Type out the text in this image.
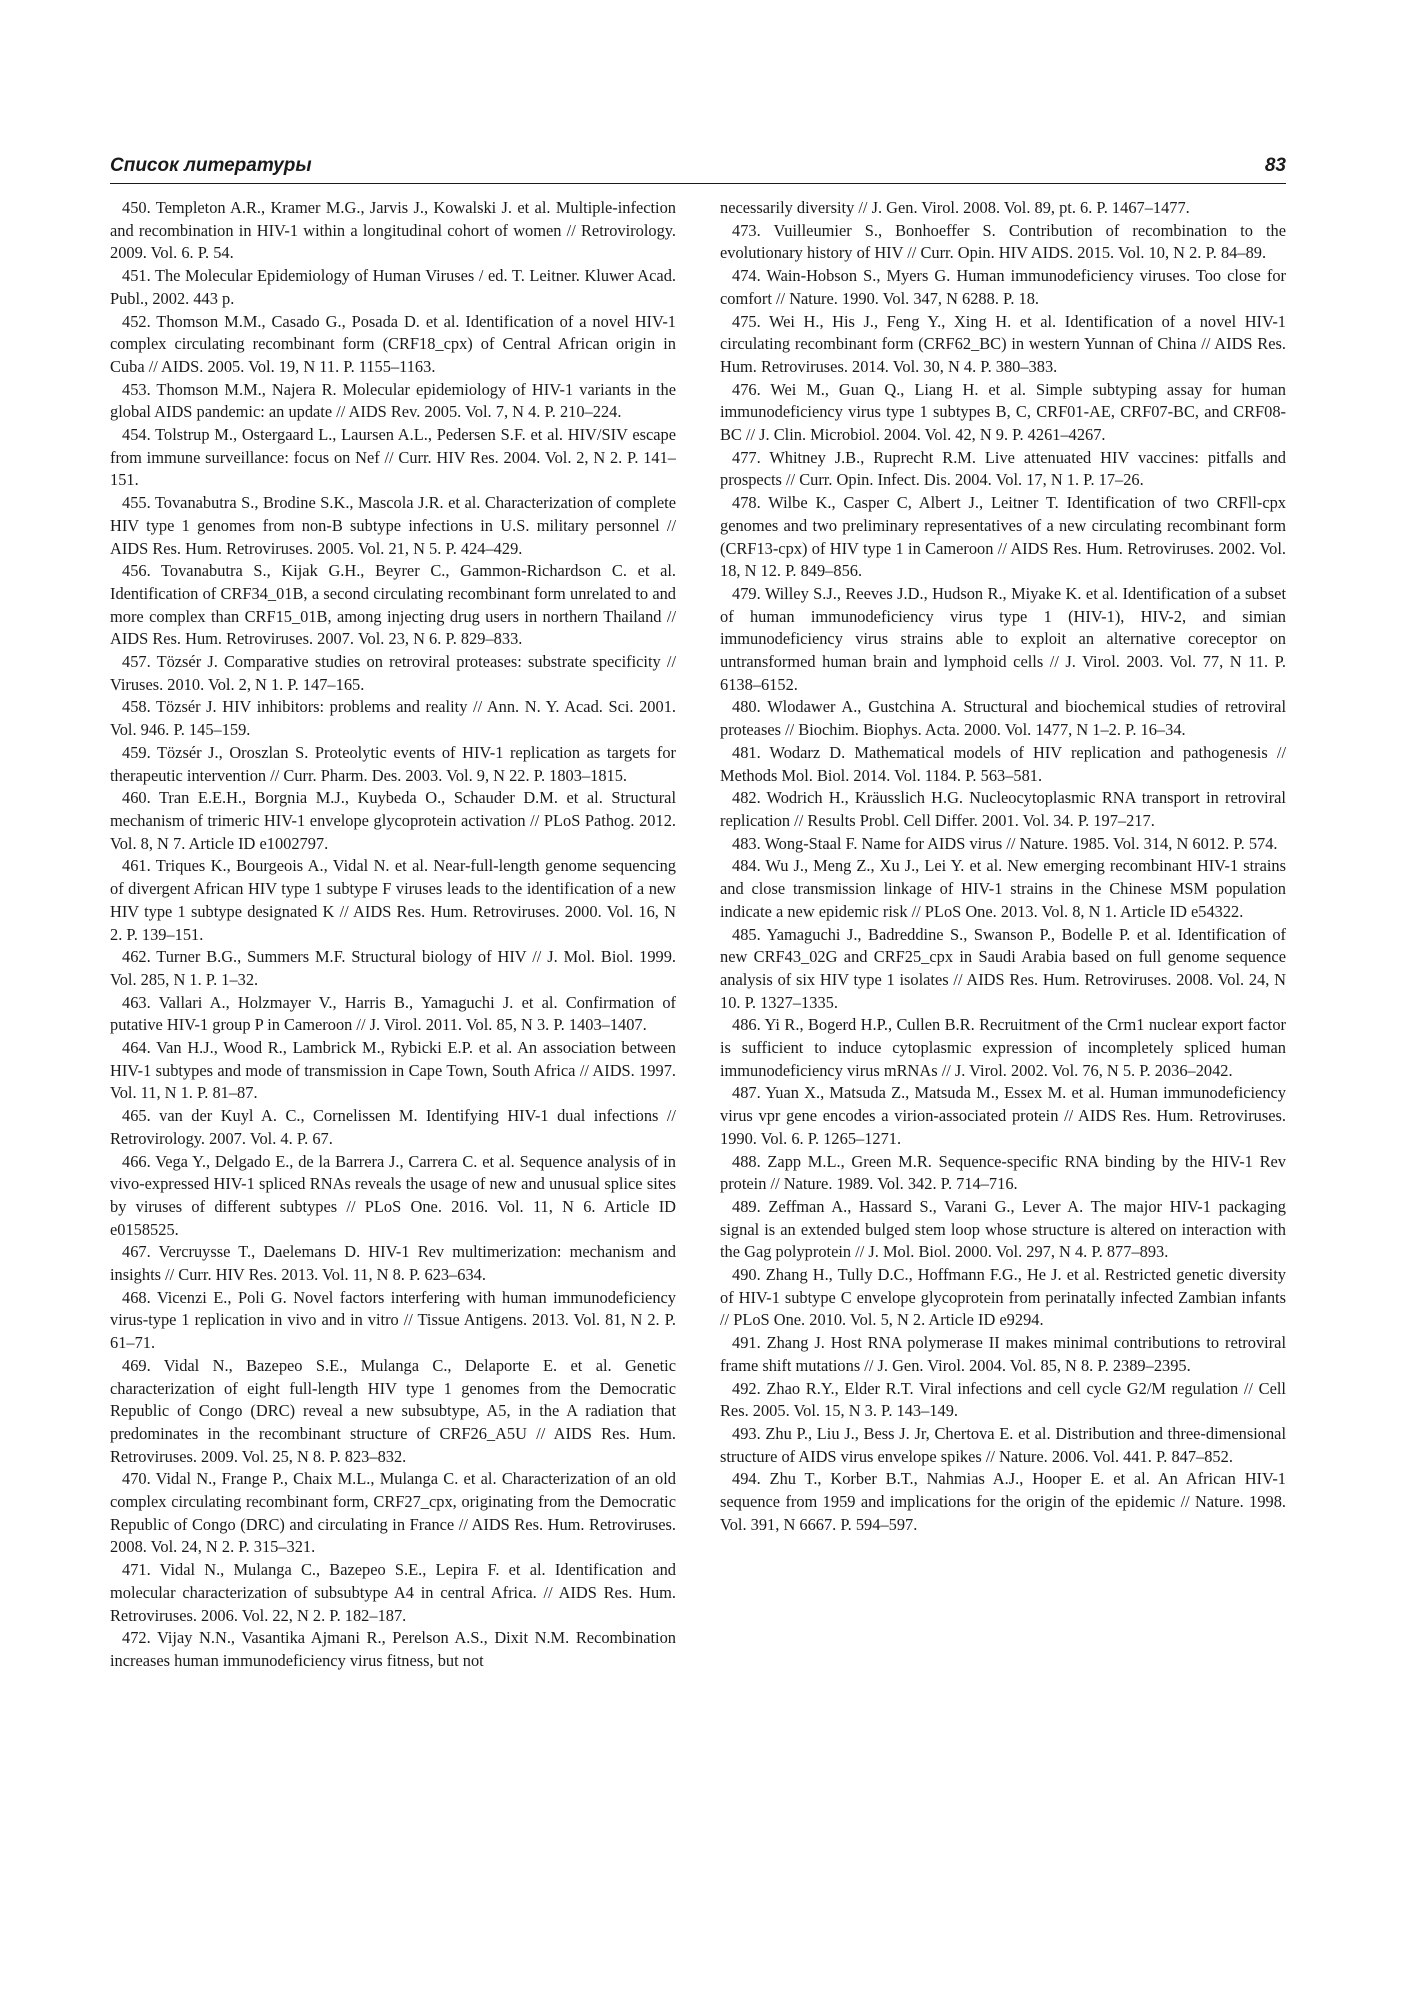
Список литературы	83

450. Templeton A.R., Kramer M.G., Jarvis J., Kowalski J. et al. Multiple-infection and recombination in HIV-1 within a longitudinal cohort of women // Retrovirology. 2009. Vol. 6. P. 54.

451. The Molecular Epidemiology of Human Viruses / ed. T. Leitner. Kluwer Acad. Publ., 2002. 443 p.

452. Thomson M.M., Casado G., Posada D. et al. Identification of a novel HIV-1 complex circulating recombinant form (CRF18_cpx) of Central African origin in Cuba // AIDS. 2005. Vol. 19, N 11. P. 1155–1163.

453. Thomson M.M., Najera R. Molecular epidemiology of HIV-1 variants in the global AIDS pandemic: an update // AIDS Rev. 2005. Vol. 7, N 4. P. 210–224.

454. Tolstrup M., Ostergaard L., Laursen A.L., Pedersen S.F. et al. HIV/SIV escape from immune surveillance: focus on Nef // Curr. HIV Res. 2004. Vol. 2, N 2. P. 141–151.

455. Tovanabutra S., Brodine S.K., Mascola J.R. et al. Characterization of complete HIV type 1 genomes from non-B subtype infections in U.S. military personnel // AIDS Res. Hum. Retroviruses. 2005. Vol. 21, N 5. P. 424–429.

456. Tovanabutra S., Kijak G.H., Beyrer C., Gammon-Richardson C. et al. Identification of CRF34_01B, a second circulating recombinant form unrelated to and more complex than CRF15_01B, among injecting drug users in northern Thailand // AIDS Res. Hum. Retroviruses. 2007. Vol. 23, N 6. P. 829–833.

457. Tözsér J. Comparative studies on retroviral proteases: substrate specificity // Viruses. 2010. Vol. 2, N 1. P. 147–165.

458. Tözsér J. HIV inhibitors: problems and reality // Ann. N. Y. Acad. Sci. 2001. Vol. 946. P. 145–159.

459. Tözsér J., Oroszlan S. Proteolytic events of HIV-1 replication as targets for therapeutic intervention // Curr. Pharm. Des. 2003. Vol. 9, N 22. P. 1803–1815.

460. Tran E.E.H., Borgnia M.J., Kuybeda O., Schauder D.M. et al. Structural mechanism of trimeric HIV-1 envelope glycoprotein activation // PLoS Pathog. 2012. Vol. 8, N 7. Article ID e1002797.

461. Triques K., Bourgeois A., Vidal N. et al. Near-full-length genome sequencing of divergent African HIV type 1 subtype F viruses leads to the identification of a new HIV type 1 subtype designated K // AIDS Res. Hum. Retroviruses. 2000. Vol. 16, N 2. P. 139–151.

462. Turner B.G., Summers M.F. Structural biology of HIV // J. Mol. Biol. 1999. Vol. 285, N 1. P. 1–32.

463. Vallari A., Holzmayer V., Harris B., Yamaguchi J. et al. Confirmation of putative HIV-1 group P in Cameroon // J. Virol. 2011. Vol. 85, N 3. P. 1403–1407.

464. Van H.J., Wood R., Lambrick M., Rybicki E.P. et al. An association between HIV-1 subtypes and mode of transmission in Cape Town, South Africa // AIDS. 1997. Vol. 11, N 1. P. 81–87.

465. van der Kuyl A. C., Cornelissen M. Identifying HIV-1 dual infections // Retrovirology. 2007. Vol. 4. P. 67.

466. Vega Y., Delgado E., de la Barrera J., Carrera C. et al. Sequence analysis of in vivo-expressed HIV-1 spliced RNAs reveals the usage of new and unusual splice sites by viruses of different subtypes // PLoS One. 2016. Vol. 11, N 6. Article ID e0158525.

467. Vercruysse T., Daelemans D. HIV-1 Rev multimerization: mechanism and insights // Curr. HIV Res. 2013. Vol. 11, N 8. P. 623–634.

468. Vicenzi E., Poli G. Novel factors interfering with human immunodeficiency virus-type 1 replication in vivo and in vitro // Tissue Antigens. 2013. Vol. 81, N 2. P. 61–71.

469. Vidal N., Bazepeo S.E., Mulanga C., Delaporte E. et al. Genetic characterization of eight full-length HIV type 1 genomes from the Democratic Republic of Congo (DRC) reveal a new subsubtype, A5, in the A radiation that predominates in the recombinant structure of CRF26_A5U // AIDS Res. Hum. Retroviruses. 2009. Vol. 25, N 8. P. 823–832.

470. Vidal N., Frange P., Chaix M.L., Mulanga C. et al. Characterization of an old complex circulating recombinant form, CRF27_cpx, originating from the Democratic Republic of Congo (DRC) and circulating in France // AIDS Res. Hum. Retroviruses. 2008. Vol. 24, N 2. P. 315–321.

471. Vidal N., Mulanga C., Bazepeo S.E., Lepira F. et al. Identification and molecular characterization of subsubtype A4 in central Africa. // AIDS Res. Hum. Retroviruses. 2006. Vol. 22, N 2. P. 182–187.

472. Vijay N.N., Vasantika Ajmani R., Perelson A.S., Dixit N.M. Recombination increases human immunodeficiency virus fitness, but not

necessarily diversity // J. Gen. Virol. 2008. Vol. 89, pt. 6. P. 1467–1477.

473. Vuilleumier S., Bonhoeffer S. Contribution of recombination to the evolutionary history of HIV // Curr. Opin. HIV AIDS. 2015. Vol. 10, N 2. P. 84–89.

474. Wain-Hobson S., Myers G. Human immunodeficiency viruses. Too close for comfort // Nature. 1990. Vol. 347, N 6288. P. 18.

475. Wei H., His J., Feng Y., Xing H. et al. Identification of a novel HIV-1 circulating recombinant form (CRF62_BC) in western Yunnan of China // AIDS Res. Hum. Retroviruses. 2014. Vol. 30, N 4. P. 380–383.

476. Wei M., Guan Q., Liang H. et al. Simple subtyping assay for human immunodeficiency virus type 1 subtypes B, C, CRF01-AE, CRF07-BC, and CRF08-BC // J. Clin. Microbiol. 2004. Vol. 42, N 9. P. 4261–4267.

477. Whitney J.B., Ruprecht R.M. Live attenuated HIV vaccines: pitfalls and prospects // Curr. Opin. Infect. Dis. 2004. Vol. 17, N 1. P. 17–26.

478. Wilbe K., Casper C, Albert J., Leitner T. Identification of two CRFll-cpx genomes and two preliminary representatives of a new circulating recombinant form (CRF13-cpx) of HIV type 1 in Cameroon // AIDS Res. Hum. Retroviruses. 2002. Vol. 18, N 12. P. 849–856.

479. Willey S.J., Reeves J.D., Hudson R., Miyake K. et al. Identification of a subset of human immunodeficiency virus type 1 (HIV-1), HIV-2, and simian immunodeficiency virus strains able to exploit an alternative coreceptor on untransformed human brain and lymphoid cells // J. Virol. 2003. Vol. 77, N 11. P. 6138–6152.

480. Wlodawer A., Gustchina A. Structural and biochemical studies of retroviral proteases // Biochim. Biophys. Acta. 2000. Vol. 1477, N 1–2. P. 16–34.

481. Wodarz D. Mathematical models of HIV replication and pathogenesis // Methods Mol. Biol. 2014. Vol. 1184. P. 563–581.

482. Wodrich H., Kräusslich H.G. Nucleocytoplasmic RNA transport in retroviral replication // Results Probl. Cell Differ. 2001. Vol. 34. P. 197–217.

483. Wong-Staal F. Name for AIDS virus // Nature. 1985. Vol. 314, N 6012. P. 574.

484. Wu J., Meng Z., Xu J., Lei Y. et al. New emerging recombinant HIV-1 strains and close transmission linkage of HIV-1 strains in the Chinese MSM population indicate a new epidemic risk // PLoS One. 2013. Vol. 8, N 1. Article ID e54322.

485. Yamaguchi J., Badreddine S., Swanson P., Bodelle P. et al. Identification of new CRF43_02G and CRF25_cpx in Saudi Arabia based on full genome sequence analysis of six HIV type 1 isolates // AIDS Res. Hum. Retroviruses. 2008. Vol. 24, N 10. P. 1327–1335.

486. Yi R., Bogerd H.P., Cullen B.R. Recruitment of the Crm1 nuclear export factor is sufficient to induce cytoplasmic expression of incompletely spliced human immunodeficiency virus mRNAs // J. Virol. 2002. Vol. 76, N 5. P. 2036–2042.

487. Yuan X., Matsuda Z., Matsuda M., Essex M. et al. Human immunodeficiency virus vpr gene encodes a virion-associated protein // AIDS Res. Hum. Retroviruses. 1990. Vol. 6. P. 1265–1271.

488. Zapp M.L., Green M.R. Sequence-specific RNA binding by the HIV-1 Rev protein // Nature. 1989. Vol. 342. P. 714–716.

489. Zeffman A., Hassard S., Varani G., Lever A. The major HIV-1 packaging signal is an extended bulged stem loop whose structure is altered on interaction with the Gag polyprotein // J. Mol. Biol. 2000. Vol. 297, N 4. P. 877–893.

490. Zhang H., Tully D.C., Hoffmann F.G., He J. et al. Restricted genetic diversity of HIV-1 subtype C envelope glycoprotein from perinatally infected Zambian infants // PLoS One. 2010. Vol. 5, N 2. Article ID e9294.

491. Zhang J. Host RNA polymerase II makes minimal contributions to retroviral frame shift mutations // J. Gen. Virol. 2004. Vol. 85, N 8. P. 2389–2395.

492. Zhao R.Y., Elder R.T. Viral infections and cell cycle G2/M regulation // Cell Res. 2005. Vol. 15, N 3. P. 143–149.

493. Zhu P., Liu J., Bess J. Jr, Chertova E. et al. Distribution and three-dimensional structure of AIDS virus envelope spikes // Nature. 2006. Vol. 441. P. 847–852.

494. Zhu T., Korber B.T., Nahmias A.J., Hooper E. et al. An African HIV-1 sequence from 1959 and implications for the origin of the epidemic // Nature. 1998. Vol. 391, N 6667. P. 594–597.
